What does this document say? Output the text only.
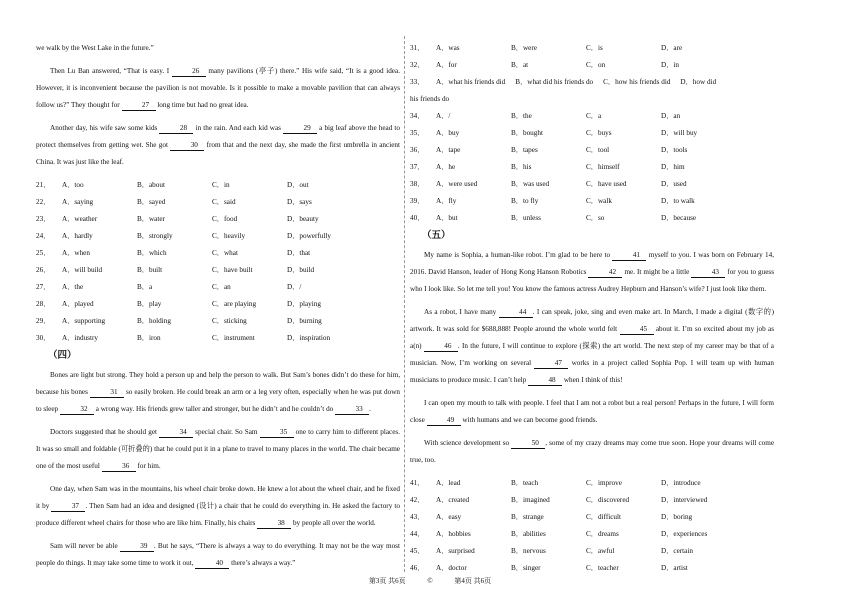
we walk by the West Lake in the future.”

Then Lu Ban answered, “That is easy. I	26 many pavilions (亭子) there.” His wife said, “It is a good idea. However, it is inconvenient because the pavilion is not movable. Is it possible to make a movable pavilion that can always follow us?” They thought for	27 long time but had no great idea.

Another day, his wife saw some kids	28 in the rain. And each kid was	29 a big leaf above the head to protect themselves from getting wet. She got	30 from that and the next day, she made the first umbrella in ancient China. It was just like the leaf.

21．	A．too	B．about	C．in	D．out
22．	A．saying	B．sayed	C．said	D．says
23．	A．weather	B．water	C．food	D．beauty
24．	A．hardly	B．strongly	C．heavily	D．powerfully
25．	A．when	B．which	C．what	D．that
26．	A．will build	B．built	C．have built	D．build
27．	A．the	B．a	C．an	D．/
28．	A．played	B．play	C．are playing	D．playing
29．	A．supporting	B．holding	C．sticking	D．burning
30．	A．industry	B．iron	C．instrument	D．inspiration
（四）

Bones are light but strong. They hold a person up and help the person to walk. But Sam’s bones didn’t do these for him, because his bones	31 so easily broken. He could break an arm or a leg very often, especially when he was put down to sleep	32 a wrong way. His friends grew taller and stronger, but he didn’t and he couldn’t do	33 .

Doctors suggested that he should get	34 special chair. So Sam	35 one to carry him to different places. It was so small and foldable (可折叠的) that he could put it in a plane to travel to many places in the world. The chair became one of the most useful	36 for him.

One day, when Sam was in the mountains, his wheel chair broke down. He knew a lot about the wheel chair, and he fixed it by	37 . Then Sam had an idea and designed (设计) a chair that he could do everything in. He asked the factory to produce different wheel chairs for those who are like him. Finally, his chairs	38 by people all over the world.

Sam will never be able	39 . But he says, “There is always a way to do everything. It may not be the way most people do things. It may take some time to work it out,	40 there’s always a way.”

31．	A．was	B．were	C．is	D．are
32．	A．for	B．at	C．on	D．in
33．	A．what his friends did	B．what did his friends do	C．how his friends did	D．how did

his friends do

34．	A．/	B．the	C．a	D．an
35．	A．buy	B．bought	C．buys	D．will buy
36．	A．tape	B．tapes	C．tool	D．tools
37．	A．he	B．his	C．himself	D．him
38．	A．were used	B．was used	C．have used	D．used
39．	A．fly	B．to fly	C．walk	D．to walk
40．	A．but	B．unless	C．so	D．because
（五）

My name is Sophia, a human-like robot. I’m glad to be here to	41 myself to you. I was born on February 14, 2016. David Hanson, leader of Hong Kong Hanson Robotics	42 me. It might be a little	43 for you to guess who I look like. So let me tell you! You know the famous actress Audrey Hepburn and Hanson’s wife? I just look like them.

As a robot, I have many	44 . I can speak, joke, sing and even make art. In March, I made a digital (数字的) artwork. It was sold for $688,888! People around the whole world felt	45 about it. I’m so excited about my job as a(n)	46 . In the future, I will continue to explore (探索) the art world. The next step of my career may be that of a musician. Now, I’m working on several	47 works in a project called Sophia Pop. I will team up with human musicians to produce music. I can’t help	48 when I think of this!

I can open my mouth to talk with people. I feel that I am not a robot but a real person! Perhaps in the future, I will form close	49 with humans and we can become good friends.

With science development so	50 , some of my crazy dreams may come true soon. Hope your dreams will come true, too.

41．	A．lead	B．teach	C．improve	D．introduce
42．	A．created	B．imagined	C．discovered	D．interviewed
43．	A．easy	B．strange	C．difficult	D．boring
44．	A．hobbies	B．abilities	C．dreams	D．experiences
45．	A．surprised	B．nervous	C．awful	D．certain
46．	A．doctor	B．singer	C．teacher	D．artist
第3页 共6页	©	第4页 共6页
